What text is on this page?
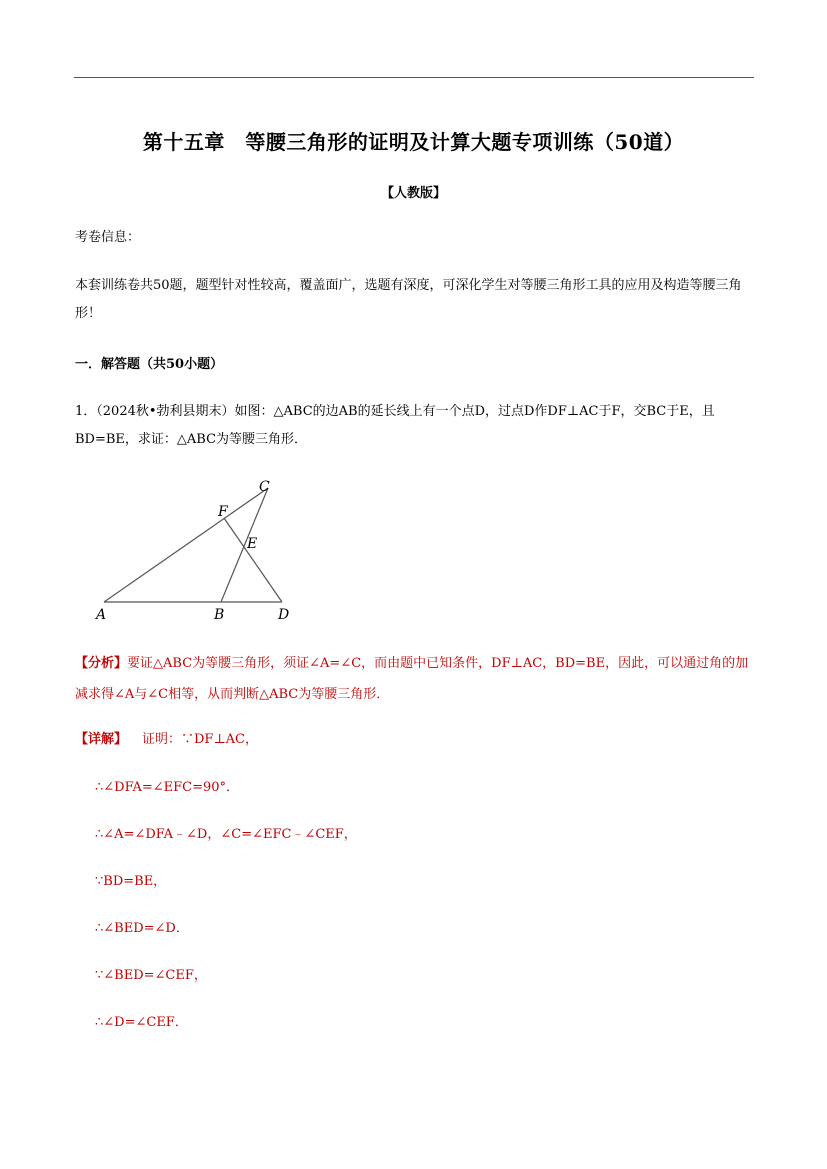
第十五章　等腰三角形的证明及计算大题专项训练（50道）
【人教版】
考卷信息：
本套训练卷共50题，题型针对性较高，覆盖面广，选题有深度，可深化学生对等腰三角形工具的应用及构造等腰三角形！
一．解答题（共50小题）
1．（2024秋•勃利县期末）如图：△ABC的边AB的延长线上有一个点D，过点D作DF⊥AC于F，交BC于E，且BD=BE，求证：△ABC为等腰三角形．
A	B
C
D
E
F
【分析】要证△ABC为等腰三角形，须证∠A=∠C，而由题中已知条件，DF⊥AC，BD=BE，因此，可以通过角的加减求得∠A与∠C相等，从而判断△ABC为等腰三角形．
【详解】 证明：∵DF⊥AC，
∴∠DFA=∠EFC=90°．
∴∠A=∠DFA﹣∠D，∠C=∠EFC﹣∠CEF，
∵BD=BE，
∴∠BED=∠D．
∵∠BED=∠CEF，
∴∠D=∠CEF．
